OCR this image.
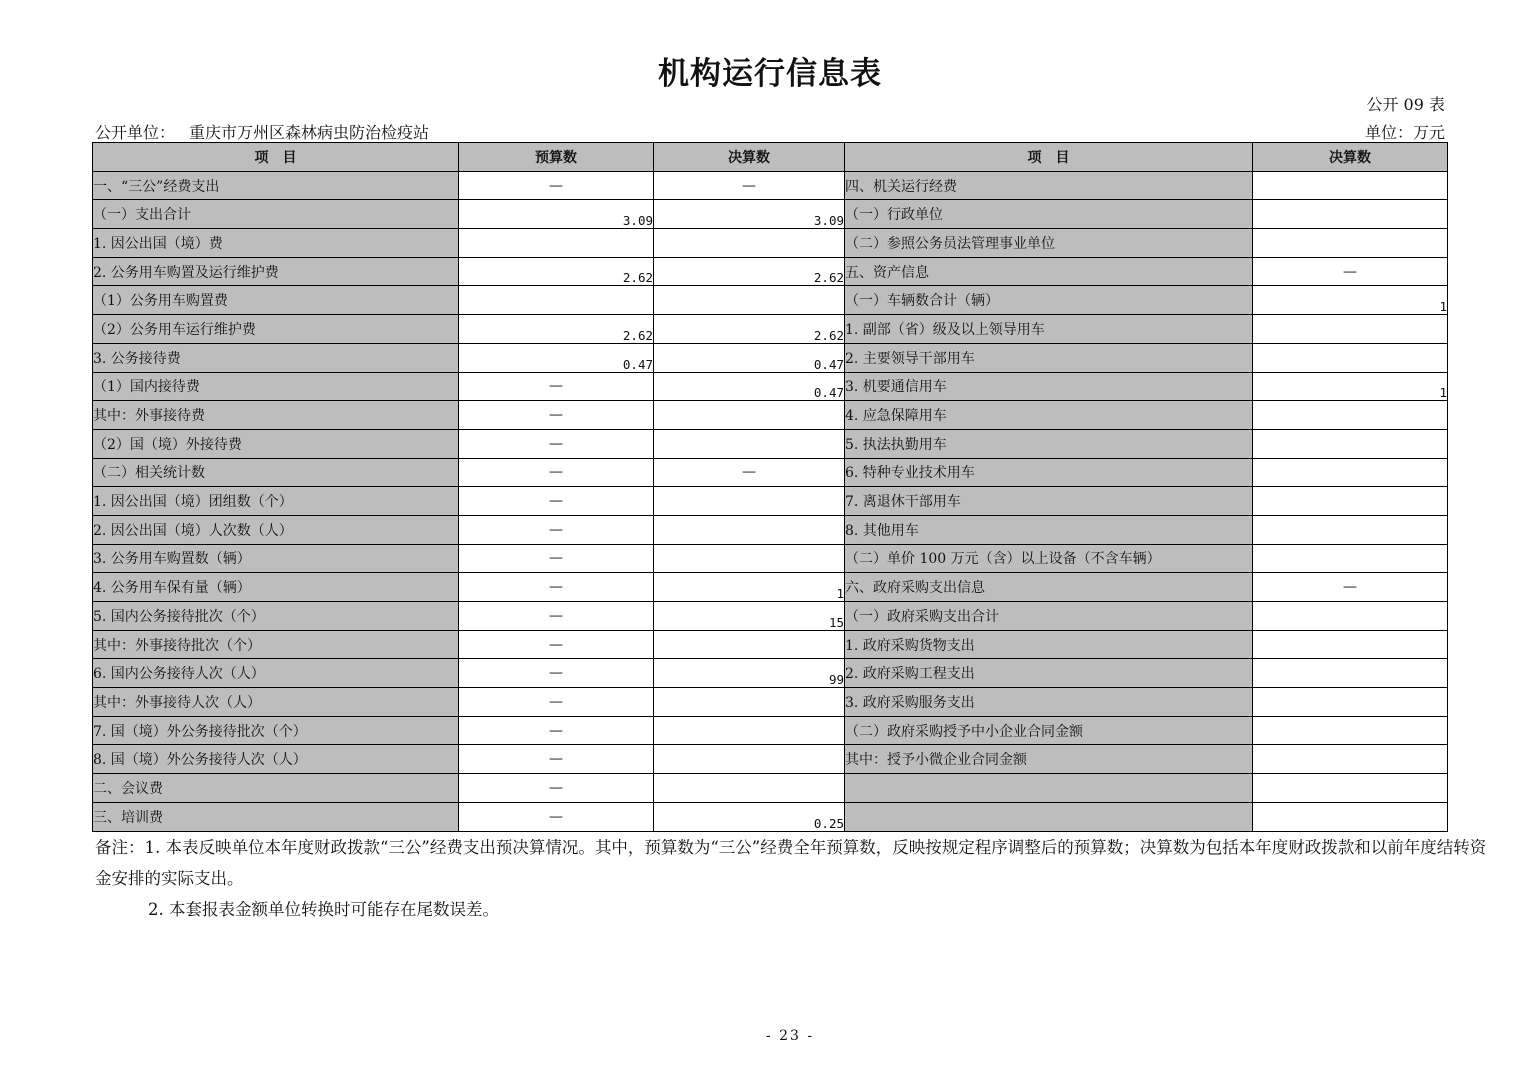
机构运行信息表
公开 09 表
公开单位： 重庆市万州区森林病虫防治检疫站	单位：万元
项　目	预算数	决算数	项　目	决算数
一、“三公”经费支出	—	—	四、机关运行经费	
（一）支出合计	3.09	3.09	（一）行政单位	
1. 因公出国（境）费			（二）参照公务员法管理事业单位	
2. 公务用车购置及运行维护费	2.62	2.62	五、资产信息	—
（1）公务用车购置费			（一）车辆数合计（辆）	1
（2）公务用车运行维护费	2.62	2.62	1. 副部（省）级及以上领导用车	
3. 公务接待费	0.47	0.47	2. 主要领导干部用车	
（1）国内接待费	—	0.47	3. 机要通信用车	1
其中：外事接待费	—		4. 应急保障用车	
（2）国（境）外接待费	—		5. 执法执勤用车	
（二）相关统计数	—	—	6. 特种专业技术用车	
1. 因公出国（境）团组数（个）	—		7. 离退休干部用车	
2. 因公出国（境）人次数（人）	—		8. 其他用车	
3. 公务用车购置数（辆）	—		（二）单价 100 万元（含）以上设备（不含车辆）	
4. 公务用车保有量（辆）	—	1	六、政府采购支出信息	—
5. 国内公务接待批次（个）	—	15	（一）政府采购支出合计	
其中：外事接待批次（个）	—		1. 政府采购货物支出	
6. 国内公务接待人次（人）	—	99	2. 政府采购工程支出	
其中：外事接待人次（人）	—		3. 政府采购服务支出	
7. 国（境）外公务接待批次（个）	—		（二）政府采购授予中小企业合同金额	
8. 国（境）外公务接待人次（人）	—		其中：授予小微企业合同金额	
二、会议费	—			
三、培训费	—	0.25		
备注：1. 本表反映单位本年度财政拨款“三公”经费支出预决算情况。其中，预算数为“三公”经费全年预算数，反映按规定程序调整后的预算数；决算数为包括本年度财政拨款和以前年度结转资金安排的实际支出。
2. 本套报表金额单位转换时可能存在尾数误差。
- 23 -
